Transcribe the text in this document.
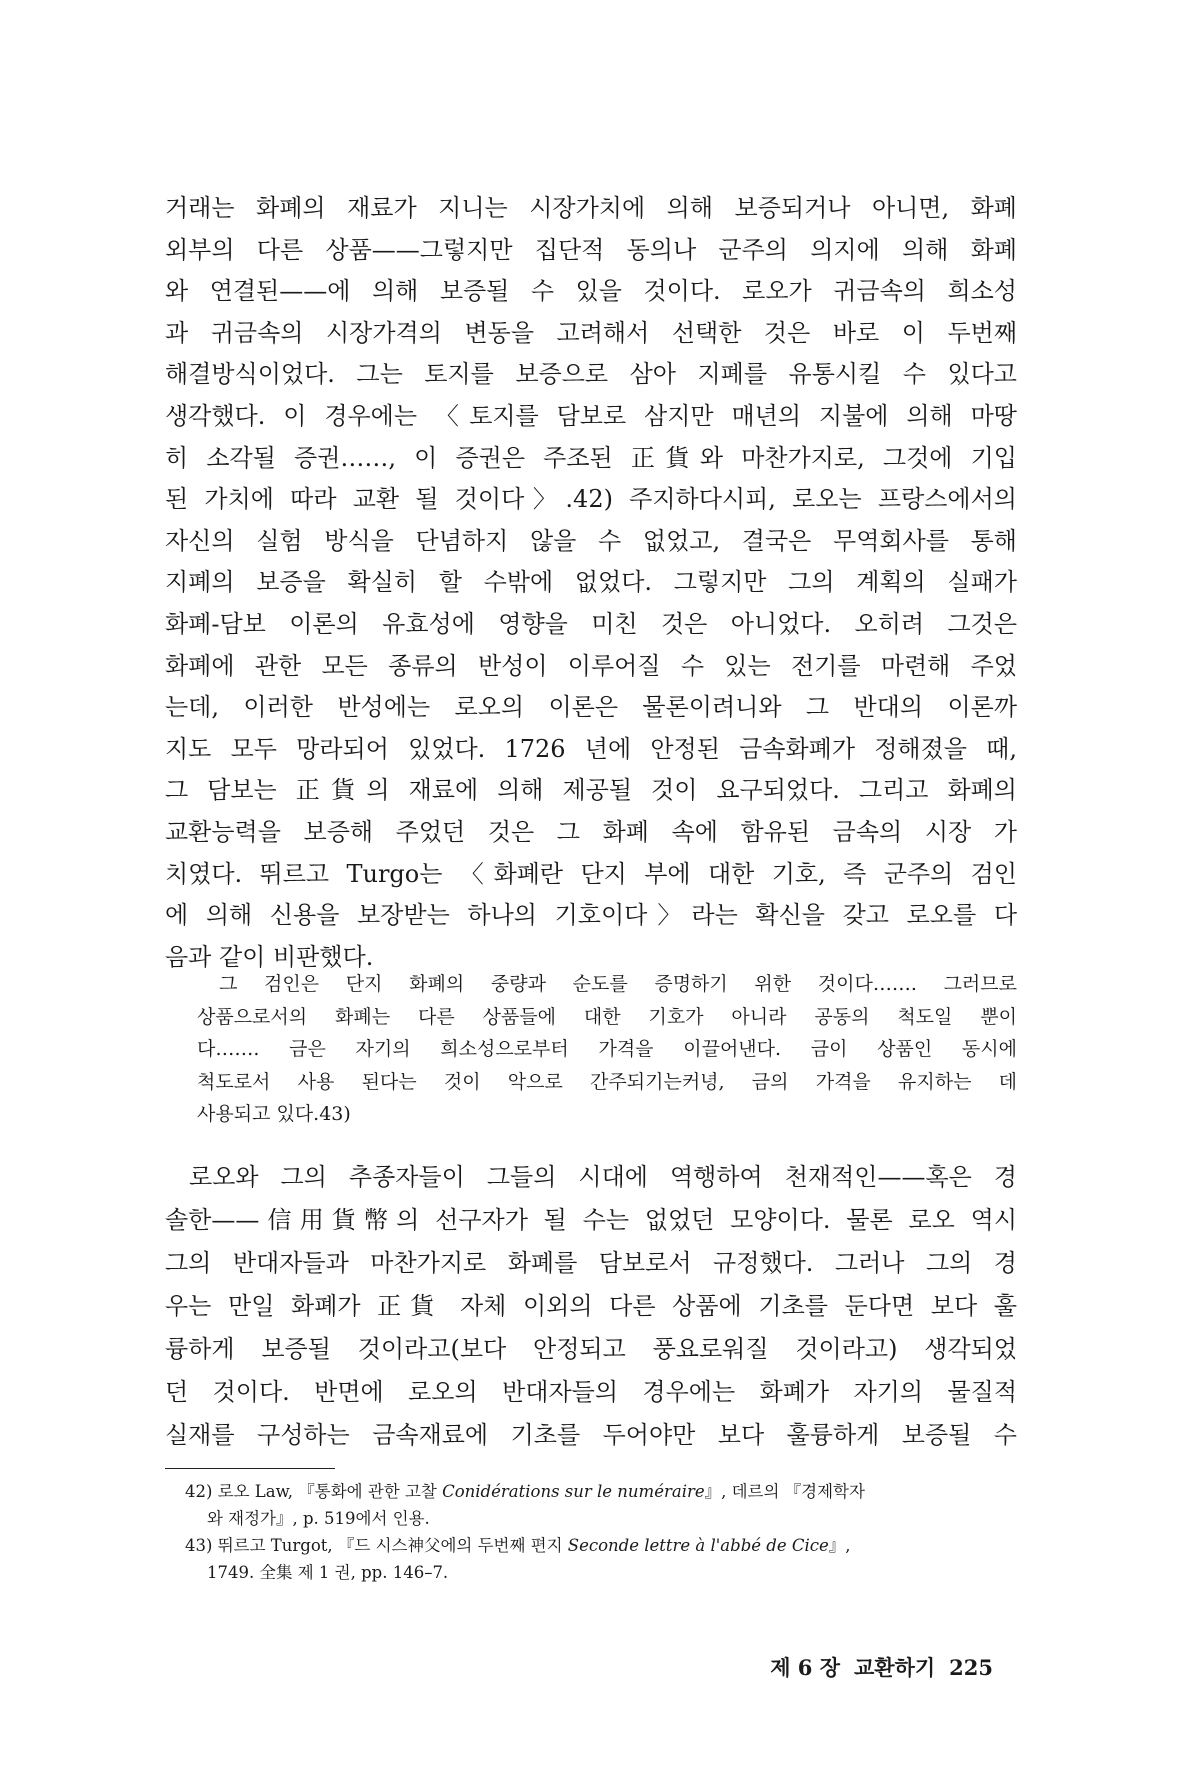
거래는 화폐의 재료가 지니는 시장가치에 의해 보증되거나 아니면, 화폐
외부의 다른 상품——그렇지만 집단적 동의나 군주의 의지에 의해 화폐
와 연결된——에 의해 보증될 수 있을 것이다. 로오가 귀금속의 희소성
과 귀금속의 시장가격의 변동을 고려해서 선택한 것은 바로 이 두번째
해결방식이었다. 그는 토지를 보증으로 삼아 지폐를 유통시킬 수 있다고
생각했다. 이 경우에는 〈토지를 담보로 삼지만 매년의 지불에 의해 마땅
히 소각될 증권……, 이 증권은 주조된 正貨와 마찬가지로, 그것에 기입
된 가치에 따라 교환 될 것이다〉.42) 주지하다시피, 로오는 프랑스에서의
자신의 실험 방식을 단념하지 않을 수 없었고, 결국은 무역회사를 통해
지폐의 보증을 확실히 할 수밖에 없었다. 그렇지만 그의 계획의 실패가
화폐-담보 이론의 유효성에 영향을 미친 것은 아니었다. 오히려 그것은
화폐에 관한 모든 종류의 반성이 이루어질 수 있는 전기를 마련해 주었
는데, 이러한 반성에는 로오의 이론은 물론이려니와 그 반대의 이론까
지도 모두 망라되어 있었다. 1726 년에 안정된 금속화폐가 정해졌을 때,
그 담보는 正貨의 재료에 의해 제공될 것이 요구되었다. 그리고 화폐의
교환능력을 보증해 주었던 것은 그 화폐 속에 함유된 금속의 시장 가
치였다. 뛰르고 Turgo는 〈화폐란 단지 부에 대한 기호, 즉 군주의 검인
에 의해 신용을 보장받는 하나의 기호이다〉라는 확신을 갖고 로오를 다
음과 같이 비판했다.
그 검인은 단지 화폐의 중량과 순도를 증명하기 위한 것이다……. 그러므로
상품으로서의 화폐는 다른 상품들에 대한 기호가 아니라 공동의 척도일 뿐이
다……. 금은 자기의 희소성으로부터 가격을 이끌어낸다. 금이 상품인 동시에
척도로서 사용 된다는 것이 악으로 간주되기는커녕, 금의 가격을 유지하는 데
사용되고 있다.43)
로오와 그의 추종자들이 그들의 시대에 역행하여 천재적인——혹은 경
솔한——信用貨幣의 선구자가 될 수는 없었던 모양이다. 물론 로오 역시
그의 반대자들과 마찬가지로 화폐를 담보로서 규정했다. 그러나 그의 경
우는 만일 화폐가 正貨 자체 이외의 다른 상품에 기초를 둔다면 보다 훌
륭하게 보증될 것이라고(보다 안정되고 풍요로워질 것이라고) 생각되었
던 것이다. 반면에 로오의 반대자들의 경우에는 화폐가 자기의 물질적
실재를 구성하는 금속재료에 기초를 두어야만 보다 훌륭하게 보증될 수
42) 로오 Law, 『통화에 관한 고찰 Conidérations sur le numéraire』, 데르의 『경제학자
와 재정가』, p. 519에서 인용.
43) 뛰르고 Turgot, 『드 시스神父에의 두번째 편지 Seconde lettre à l'abbé de Cice』,
1749. 全集 제 1 권, pp. 146–7.
제 6 장 교환하기 225
